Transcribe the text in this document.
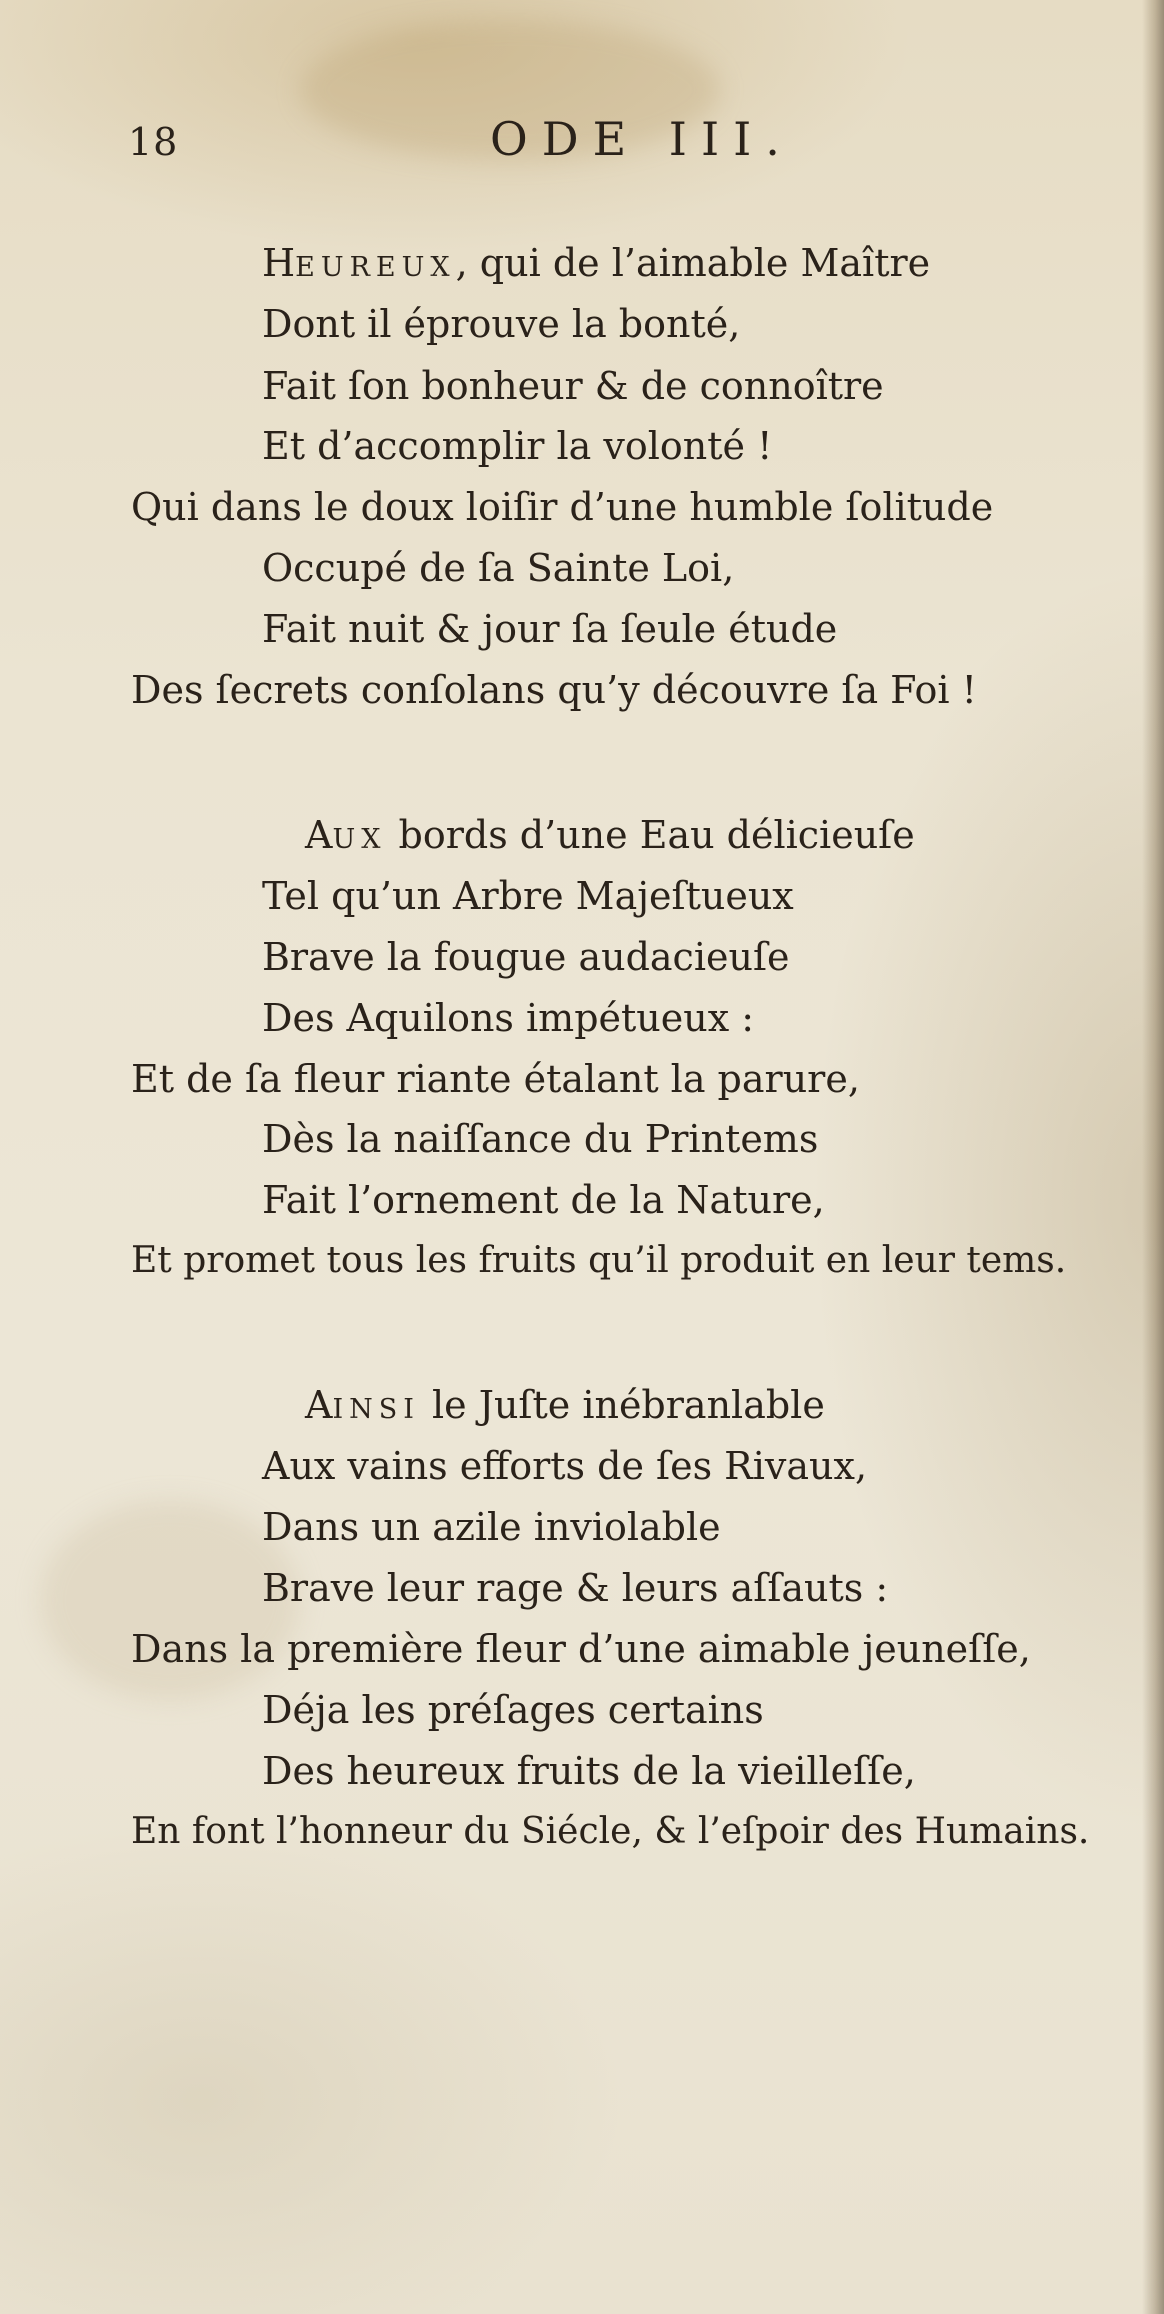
18	ODE III.
HEUREUX, qui de l’aimable Maître
Dont il éprouve la bonté,
Fait ſon bonheur & de connoître
Et d’accomplir la volonté !
Qui dans le doux loiſir d’une humble ſolitude
Occupé de ſa Sainte Loi,
Fait nuit & jour ſa ſeule étude
Des ſecrets conſolans qu’y découvre ſa Foi !
AUX bords d’une Eau délicieuſe
Tel qu’un Arbre Majeſtueux
Brave la fougue audacieuſe
Des Aquilons impétueux :
Et de ſa fleur riante étalant la parure,
Dès la naiſſance du Printems
Fait l’ornement de la Nature,
Et promet tous les fruits qu’il produit en leur tems.
AINSI le Juſte inébranlable
Aux vains efforts de ſes Rivaux,
Dans un azile inviolable
Brave leur rage & leurs aſſauts :
Dans la première fleur d’une aimable jeuneſſe,
Déja les préſages certains
Des heureux fruits de la vieilleſſe,
En font l’honneur du Siécle, & l’eſpoir des Humains.
